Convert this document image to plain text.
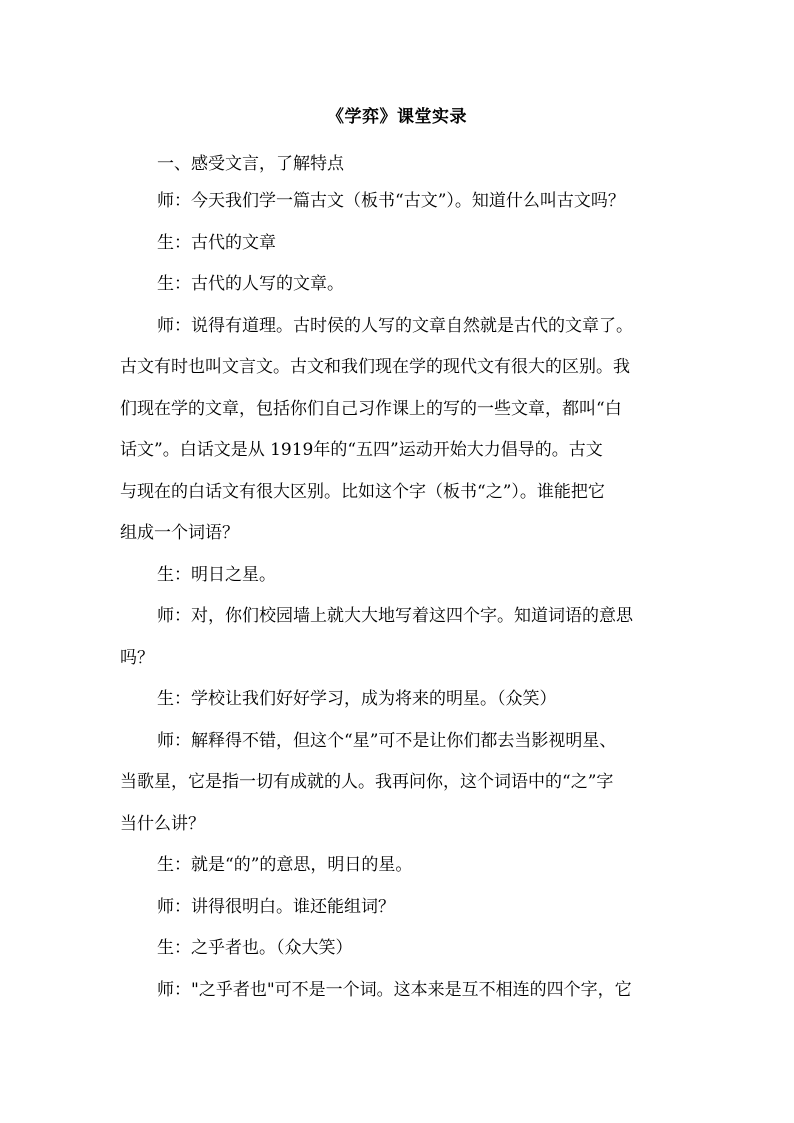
《学弈》课堂实录
一、感受文言，了解特点
师：今天我们学一篇古文（板书“古文”）。知道什么叫古文吗？
生：古代的文章
生：古代的人写的文章。
师：说得有道理。古时侯的人写的文章自然就是古代的文章了。
古文有时也叫文言文。古文和我们现在学的现代文有很大的区别。我
们现在学的文章，包括你们自己习作课上的写的一些文章，都叫“白
话文”。白话文是从 1919年的“五四”运动开始大力倡导的。古文
与现在的白话文有很大区别。比如这个字（板书“之”）。谁能把它
组成一个词语？
生：明日之星。
师：对，你们校园墙上就大大地写着这四个字。知道词语的意思
吗？
生：学校让我们好好学习，成为将来的明星。（众笑）
师：解释得不错，但这个“星”可不是让你们都去当影视明星、
当歌星，它是指一切有成就的人。我再问你，这个词语中的“之”字
当什么讲？
生：就是“的”的意思，明日的星。
师：讲得很明白。谁还能组词？
生：之乎者也。（众大笑）
师："之乎者也"可不是一个词。这本来是互不相连的四个字，它
